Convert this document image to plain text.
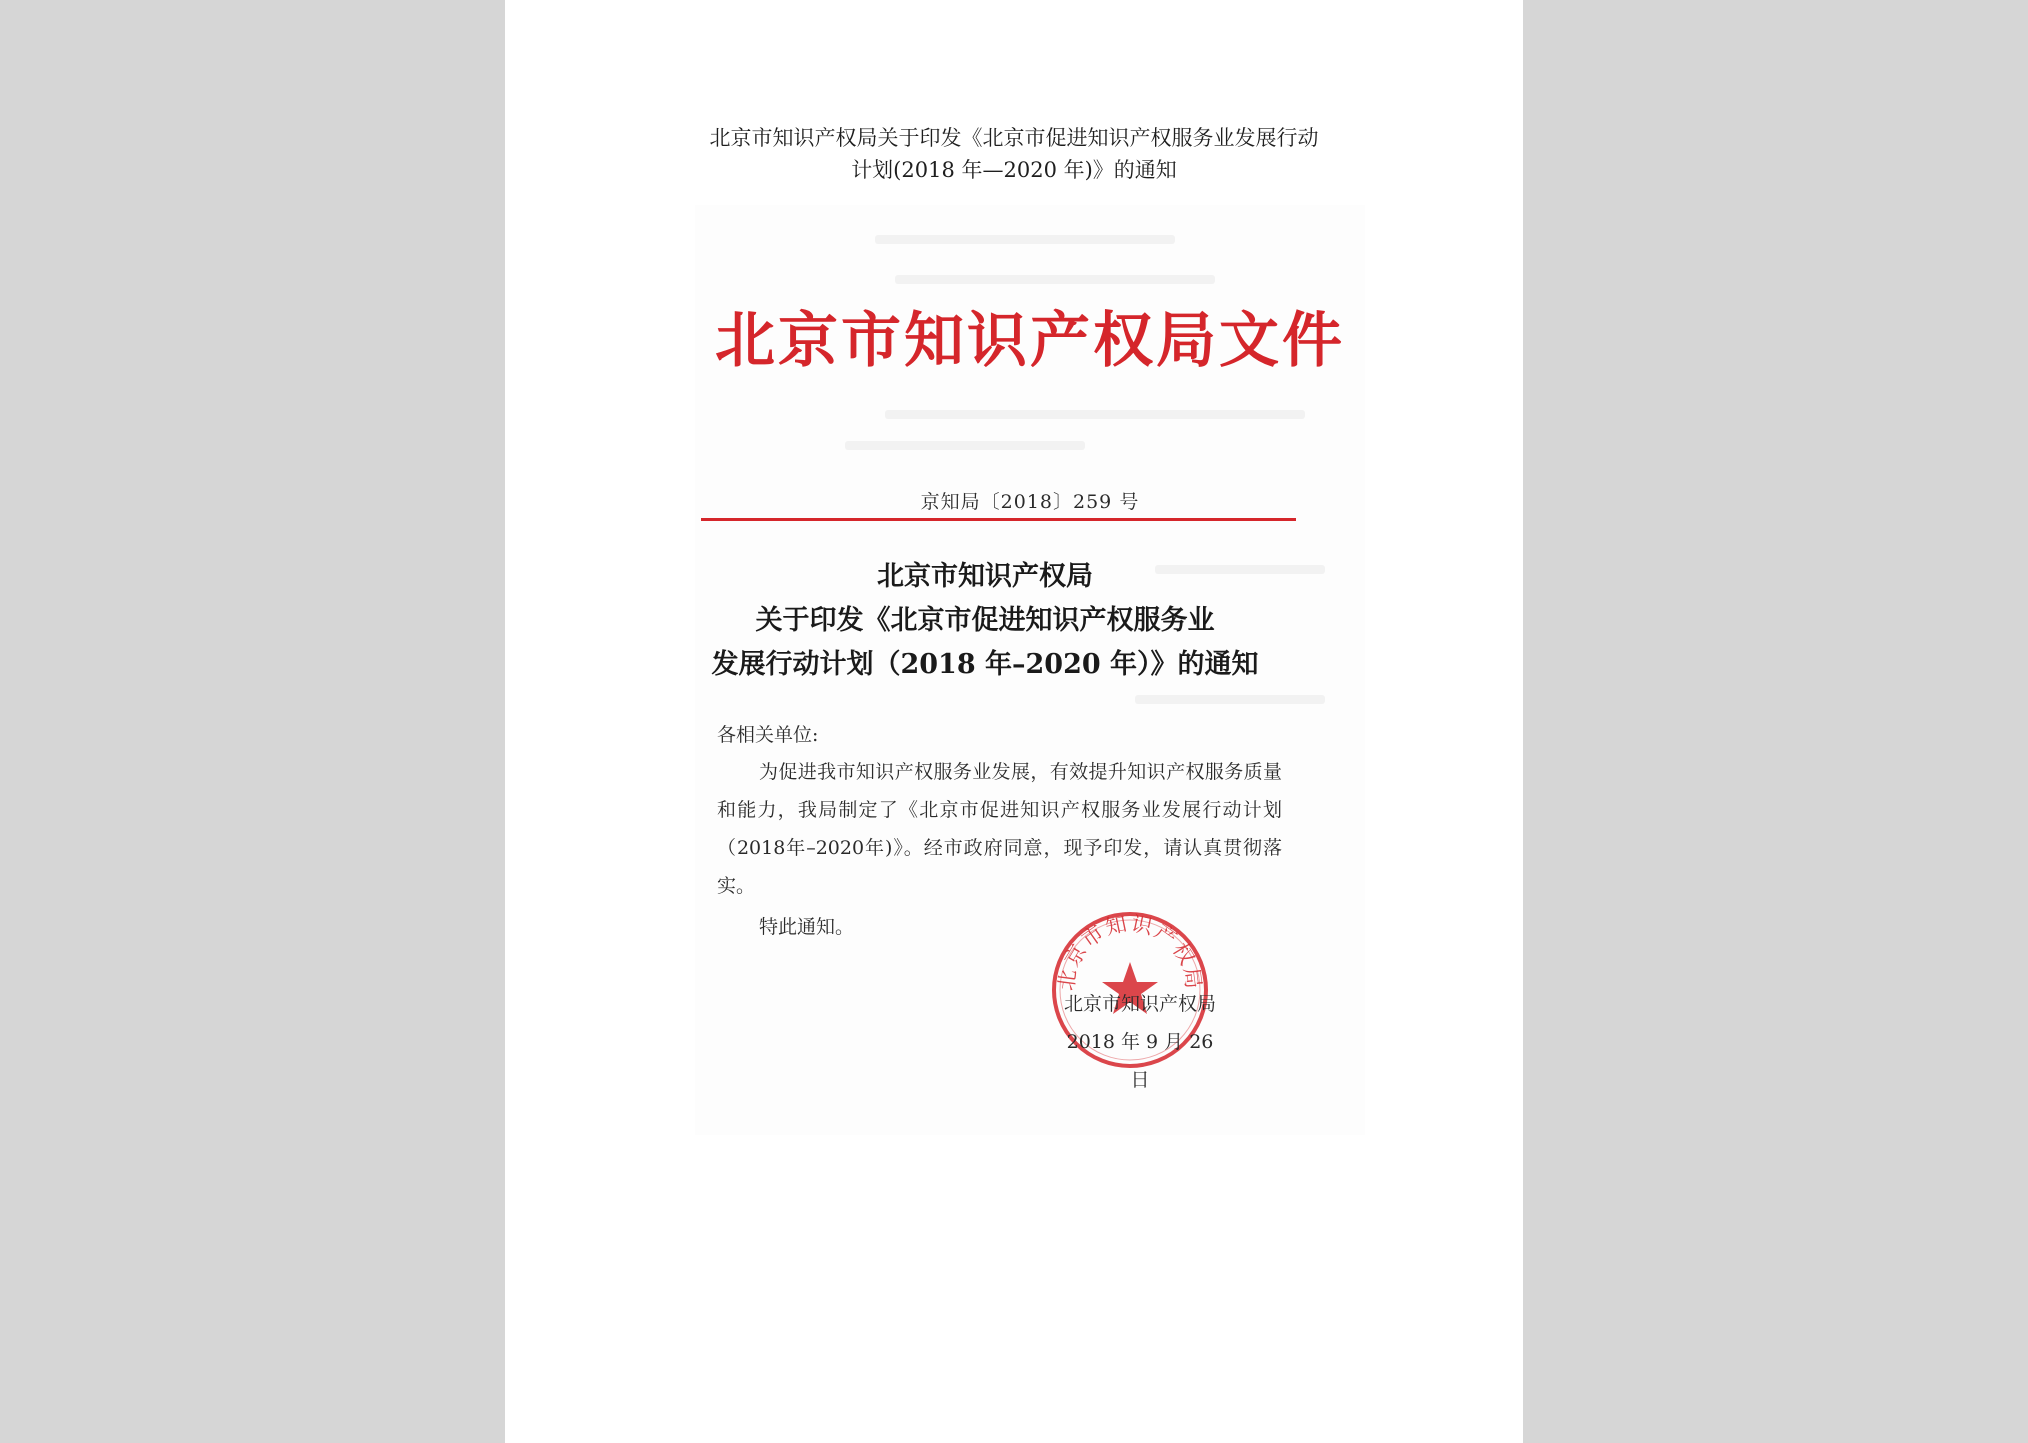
北京市知识产权局关于印发《北京市促进知识产权服务业发展行动
计划(2018 年—2020 年)》的通知
北京市知识产权局文件
京知局〔2018〕259 号
北京市知识产权局
关于印发《北京市促进知识产权服务业
发展行动计划（2018 年–2020 年）》的通知
各相关单位:
为促进我市知识产权服务业发展，有效提升知识产权服务质量和能力，我局制定了《北京市促进知识产权服务业发展行动计划（2018年–2020年)》。经市政府同意，现予印发，请认真贯彻落实。
特此通知。
北京市知识产权局
北京市知识产权局
2018 年 9 月 26 日
